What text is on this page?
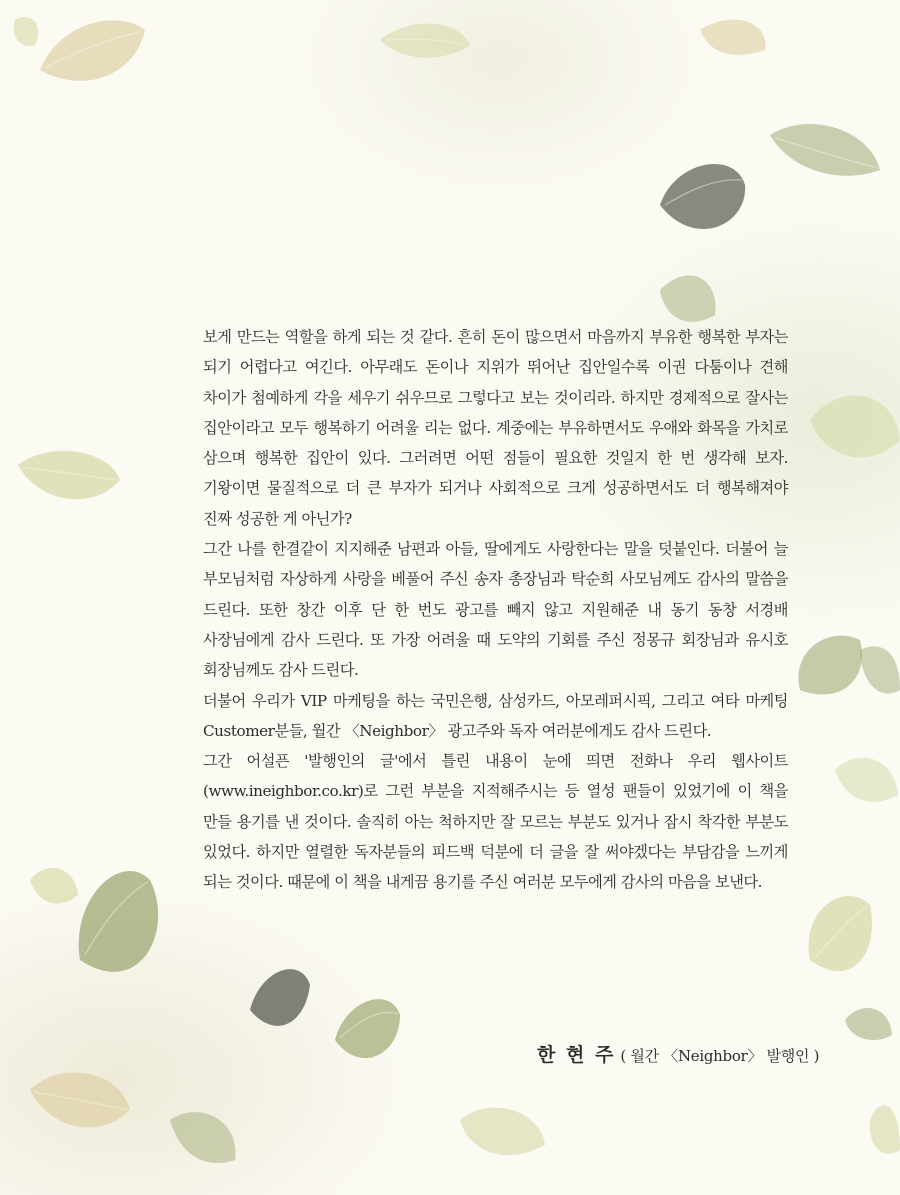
보게 만드는 역할을 하게 되는 것 같다. 흔히 돈이 많으면서 마음까지 부유한 행복한 부자는 되기 어렵다고 여긴다. 아무래도 돈이나 지위가 뛰어난 집안일수록 이권 다툼이나 견해 차이가 첨예하게 각을 세우기 쉬우므로 그렇다고 보는 것이리라. 하지만 경제적으로 잘사는 집안이라고 모두 행복하기 어려울 리는 없다. 계중에는 부유하면서도 우애와 화목을 가치로 삼으며 행복한 집안이 있다. 그러려면 어떤 점들이 필요한 것일지 한 번 생각해 보자. 기왕이면 물질적으로 더 큰 부자가 되거나 사회적으로 크게 성공하면서도 더 행복해져야 진짜 성공한 게 아닌가?

그간 나를 한결같이 지지해준 남편과 아들, 딸에게도 사랑한다는 말을 덧붙인다. 더불어 늘 부모님처럼 자상하게 사랑을 베풀어 주신 송자 총장님과 탁순희 사모님께도 감사의 말씀을 드린다. 또한 창간 이후 단 한 번도 광고를 빼지 않고 지원해준 내 동기 동창 서경배 사장님에게 감사 드린다. 또 가장 어려울 때 도약의 기회를 주신 정몽규 회장님과 유시호 회장님께도 감사 드린다.

더불어 우리가 VIP 마케팅을 하는 국민은행, 삼성카드, 아모레퍼시픽, 그리고 여타 마케팅 Customer분들, 월간 〈Neighbor〉 광고주와 독자 여러분에게도 감사 드린다.

그간 어설픈 '발행인의 글'에서 틀린 내용이 눈에 띄면 전화나 우리 웹사이트(www.ineighbor.co.kr)로 그런 부분을 지적해주시는 등 열성 팬들이 있었기에 이 책을 만들 용기를 낸 것이다. 솔직히 아는 척하지만 잘 모르는 부분도 있거나 잠시 착각한 부분도 있었다. 하지만 열렬한 독자분들의 피드백 덕분에 더 글을 잘 써야겠다는 부담감을 느끼게 되는 것이다. 때문에 이 책을 내게끔 용기를 주신 여러분 모두에게 감사의 마음을 보낸다.

한 현 주 ( 월간 〈Neighbor〉 발행인 )
